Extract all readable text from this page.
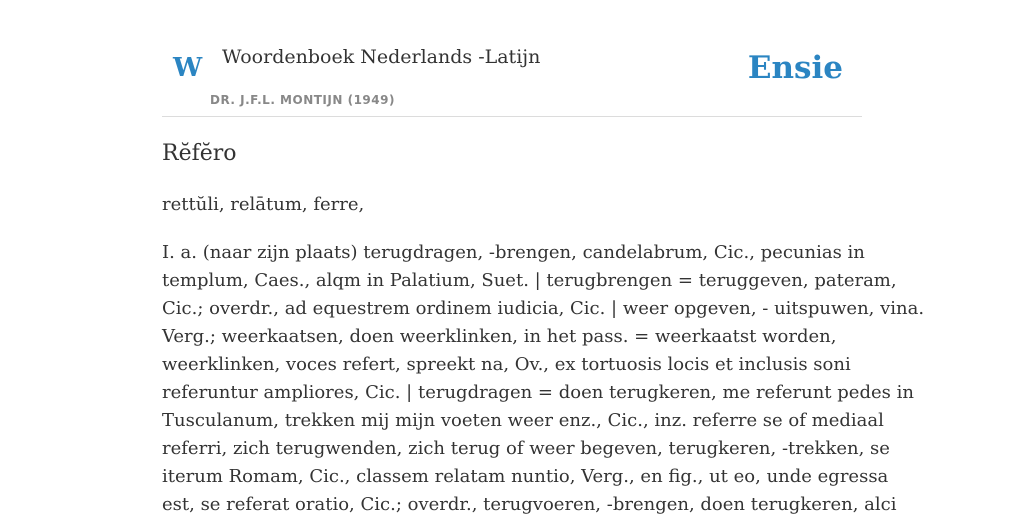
W Woordenboek Nederlands -Latijn
DR. J.F.L. MONTIJN (1949)
Ensie
Rĕfĕro
rettŭli, relātum, ferre,
I. a. (naar zijn plaats) terugdragen, -brengen, candelabrum, Cic., pecunias in
templum, Caes., alqm in Palatium, Suet. | terugbrengen = teruggeven, pateram,
Cic.; overdr., ad equestrem ordinem iudicia, Cic. | weer opgeven, - uitspuwen, vina.
Verg.; weerkaatsen, doen weerklinken, in het pass. = weerkaatst worden,
weerklinken, voces refert, spreekt na, Ov., ex tortuosis locis et inclusis soni
referuntur ampliores, Cic. | terugdragen = doen terugkeren, me referunt pedes in
Tusculanum, trekken mij mijn voeten weer enz., Cic., inz. referre se of mediaal
referri, zich terugwenden, zich terug of weer begeven, terugkeren, -trekken, se
iterum Romam, Cic., classem relatam nuntio, Verg., en fig., ut eo, unde egressa
est, se referat oratio, Cic.; overdr., terugvoeren, -brengen, doen terugkeren, alci
